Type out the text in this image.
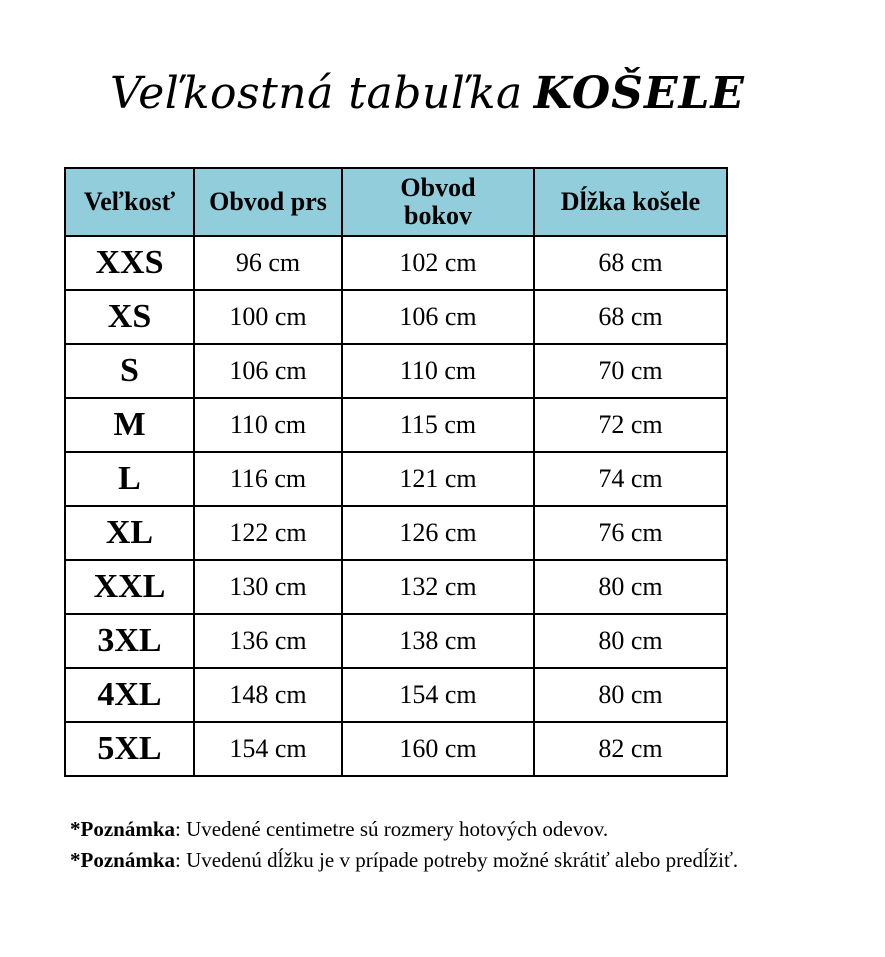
Veľkostná tabuľka KOŠELE
Veľkosť	Obvod prs	Obvod bokov	Dĺžka košele
XXS	96 cm	102 cm	68 cm
XS	100 cm	106 cm	68 cm
S	106 cm	110 cm	70 cm
M	110 cm	115 cm	72 cm
L	116 cm	121 cm	74 cm
XL	122 cm	126 cm	76 cm
XXL	130 cm	132 cm	80 cm
3XL	136 cm	138 cm	80 cm
4XL	148 cm	154 cm	80 cm
5XL	154 cm	160 cm	82 cm
*Poznámka: Uvedené centimetre sú rozmery hotových odevov.
*Poznámka: Uvedenú dĺžku je v prípade potreby možné skrátiť alebo predĺžiť.
